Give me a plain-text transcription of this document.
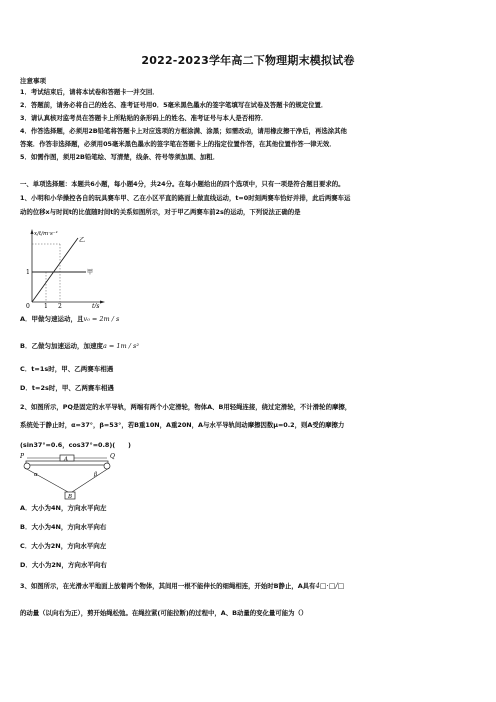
2022-2023学年高二下物理期末模拟试卷
注意事项
1．考试结束后，请将本试卷和答题卡一并交回．
2．答题前，请务必将自己的姓名、准考证号用0．5毫米黑色墨水的签字笔填写在试卷及答题卡的规定位置．
3．请认真核对监考员在答题卡上所粘贴的条形码上的姓名、准考证号与本人是否相符．
4．作答选择题，必须用2B铅笔将答题卡上对应选项的方框涂满、涂黑；如需改动，请用橡皮擦干净后，再选涂其他
答案．作答非选择题，必须用05毫米黑色墨水的签字笔在答题卡上的指定位置作答，在其他位置作答一律无效．
5．如需作图，须用2B铅笔绘、写清楚，线条、符号等须加黑、加粗．
一、单项选择题：本题共6小题，每小题4分，共24分。在每小题给出的四个选项中，只有一项是符合题目要求的。
1、小明和小华操控各自的玩具赛车甲、乙在小区平直的路面上做直线运动，t=0时刻两赛车恰好并排，此后两赛车运
动的位移x与时间t的比值随时间t的关系如图所示，对于甲乙两赛车前2s的运动，下列说法正确的是
x/t/m·s⁻¹
乙
甲
1
0 1 2	t/s
A．甲做匀速运动，且v₀ = 2m / s
B．乙做匀加速运动，加速度a = 1m / s²
C．t=1s时，甲、乙两赛车相遇
D．t=2s时，甲、乙两赛车相遇
2、如图所示，PQ是固定的水平导轨，两端有两个小定滑轮，物体A、B用轻绳连接，绕过定滑轮，不计滑轮的摩擦，
系统处于静止时，α=37°，β=53°，若B重10N，A重20N，A与水平导轨间动摩擦因数μ=0.2，则A受的摩擦力
(sin37°=0.6，cos37°=0.8)(　　)
P	Q
A
α	β
B
A．大小为4N，方向水平向左
B．大小为4N，方向水平向右
C．大小为2N，方向水平向左
D．大小为2N，方向水平向右
3、如图所示，在光滑水平地面上放着两个物体，其间用一根不能伸长的细绳相连，开始时B静止，A具有4□·□/□
的动量（以向右为正），剪开始绳松弛。在绳拉紧(可能拉断)的过程中，A、B动量的变化量可能为（）
